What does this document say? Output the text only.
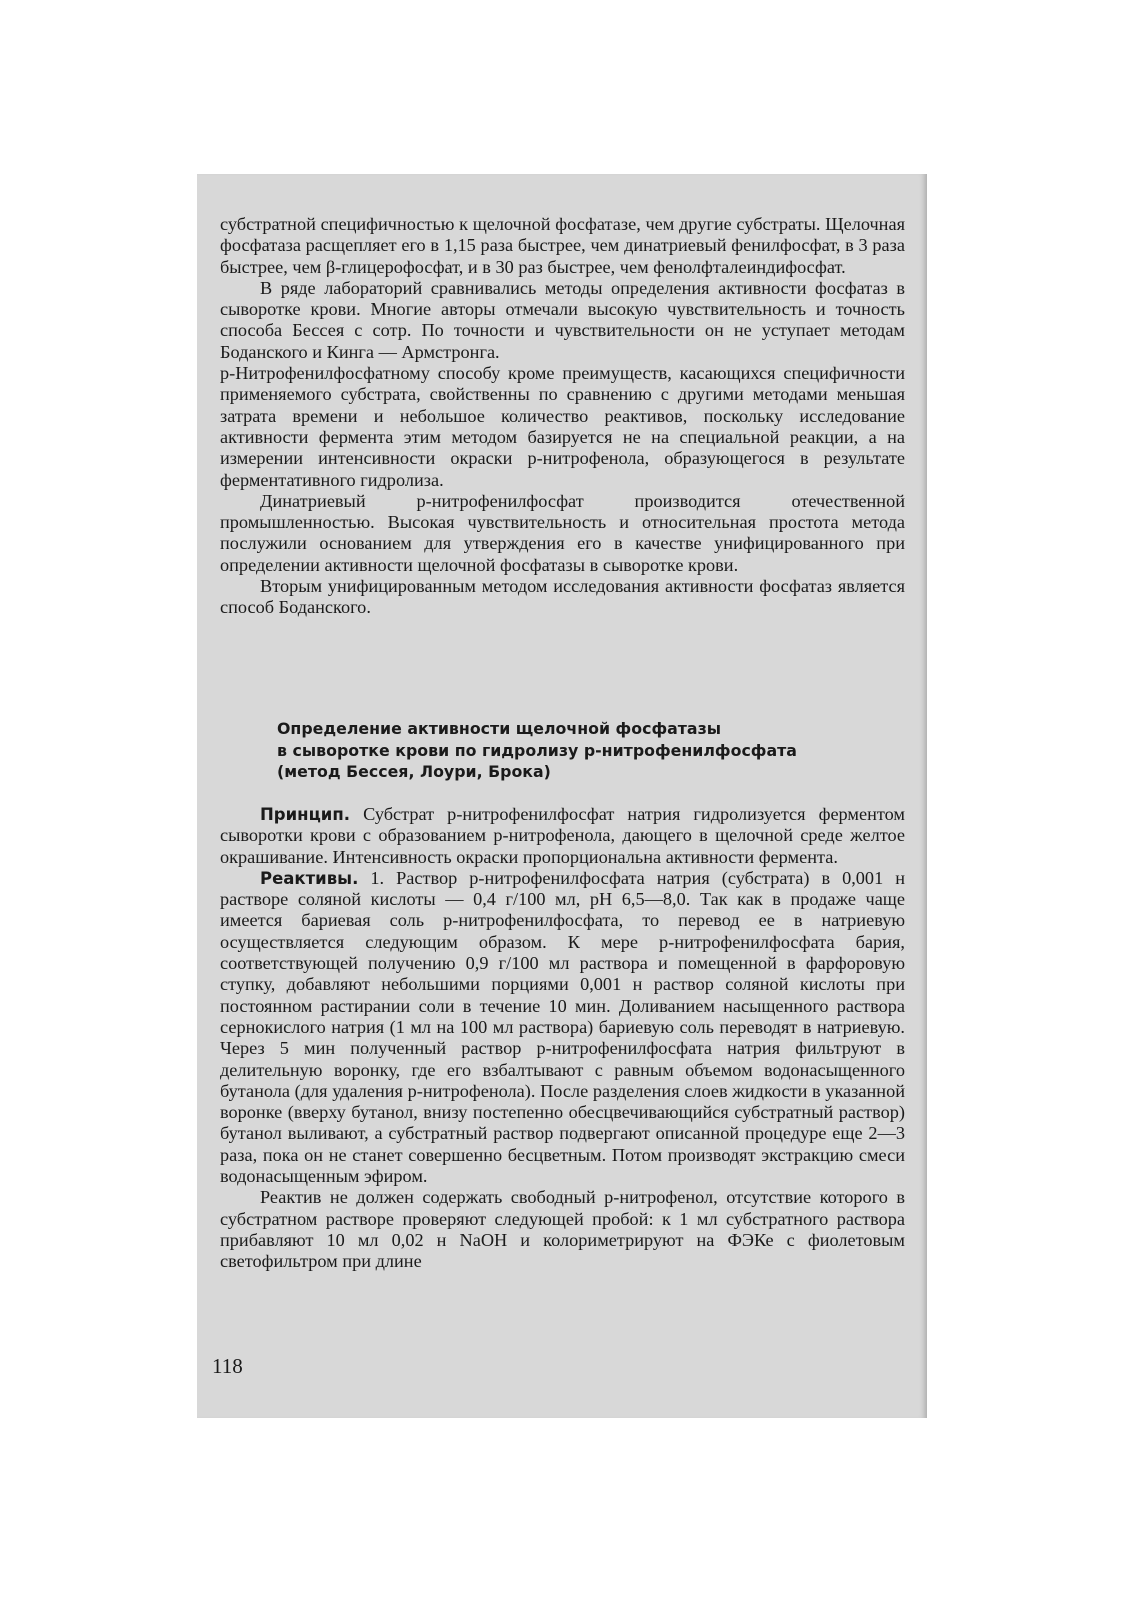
субстратной специфичностью к щелочной фосфатазе, чем другие субстраты. Щелочная фосфатаза расщепляет его в 1,15 раза быстрее, чем динатриевый фенилфосфат, в 3 раза быстрее, чем β-глицерофосфат, и в 30 раз быстрее, чем фенолфталеиндифосфат.

В ряде лабораторий сравнивались методы определения активности фосфатаз в сыворотке крови. Многие авторы отмечали высокую чувствительность и точность способа Бессея с сотр. По точности и чувствительности он не уступает методам Боданского и Кинга — Армстронга.

р-Нитрофенилфосфатному способу кроме преимуществ, касающихся специфичности применяемого субстрата, свойственны по сравнению с другими методами меньшая затрата времени и небольшое количество реактивов, поскольку исследование активности фермента этим методом базируется не на специальной реакции, а на измерении интенсивности окраски р-нитрофенола, образующегося в результате ферментативного гидролиза.

Динатриевый р-нитрофенилфосфат производится отечественной промышленностью. Высокая чувствительность и относительная простота метода послужили основанием для утверждения его в качестве унифицированного при определении активности щелочной фосфатазы в сыворотке крови.

Вторым унифицированным методом исследования активности фосфатаз является способ Боданского.

Определение активности щелочной фосфатазы
в сыворотке крови по гидролизу р-нитрофенилфосфата
(метод Бессея, Лоури, Брока)

Принцип. Субстрат р-нитрофенилфосфат натрия гидролизуется ферментом сыворотки крови с образованием р-нитрофенола, дающего в щелочной среде желтое окрашивание. Интенсивность окраски пропорциональна активности фермента.

Реактивы. 1. Раствор р-нитрофенилфосфата натрия (субстрата) в 0,001 н растворе соляной кислоты — 0,4 г/100 мл, рН 6,5—8,0. Так как в продаже чаще имеется бариевая соль р-нитрофенилфосфата, то перевод ее в натриевую осуществляется следующим образом. К мере р-нитрофенилфосфата бария, соответствующей получению 0,9 г/100 мл раствора и помещенной в фарфоровую ступку, добавляют небольшими порциями 0,001 н раствор соляной кислоты при постоянном растирании соли в течение 10 мин. Доливанием насыщенного раствора сернокислого натрия (1 мл на 100 мл раствора) бариевую соль переводят в натриевую. Через 5 мин полученный раствор р-нитрофенилфосфата натрия фильтруют в делительную воронку, где его взбалтывают с равным объемом водонасыщенного бутанола (для удаления р-нитрофенола). После разделения слоев жидкости в указанной воронке (вверху бутанол, внизу постепенно обесцвечивающийся субстратный раствор) бутанол выливают, а субстратный раствор подвергают описанной процедуре еще 2—3 раза, пока он не станет совершенно бесцветным. Потом производят экстракцию смеси водонасыщенным эфиром.

Реактив не должен содержать свободный р-нитрофенол, отсутствие которого в субстратном растворе проверяют следующей пробой: к 1 мл субстратного раствора прибавляют 10 мл 0,02 н NaOH и колориметрируют на ФЭКе с фиолетовым светофильтром при длине

118
